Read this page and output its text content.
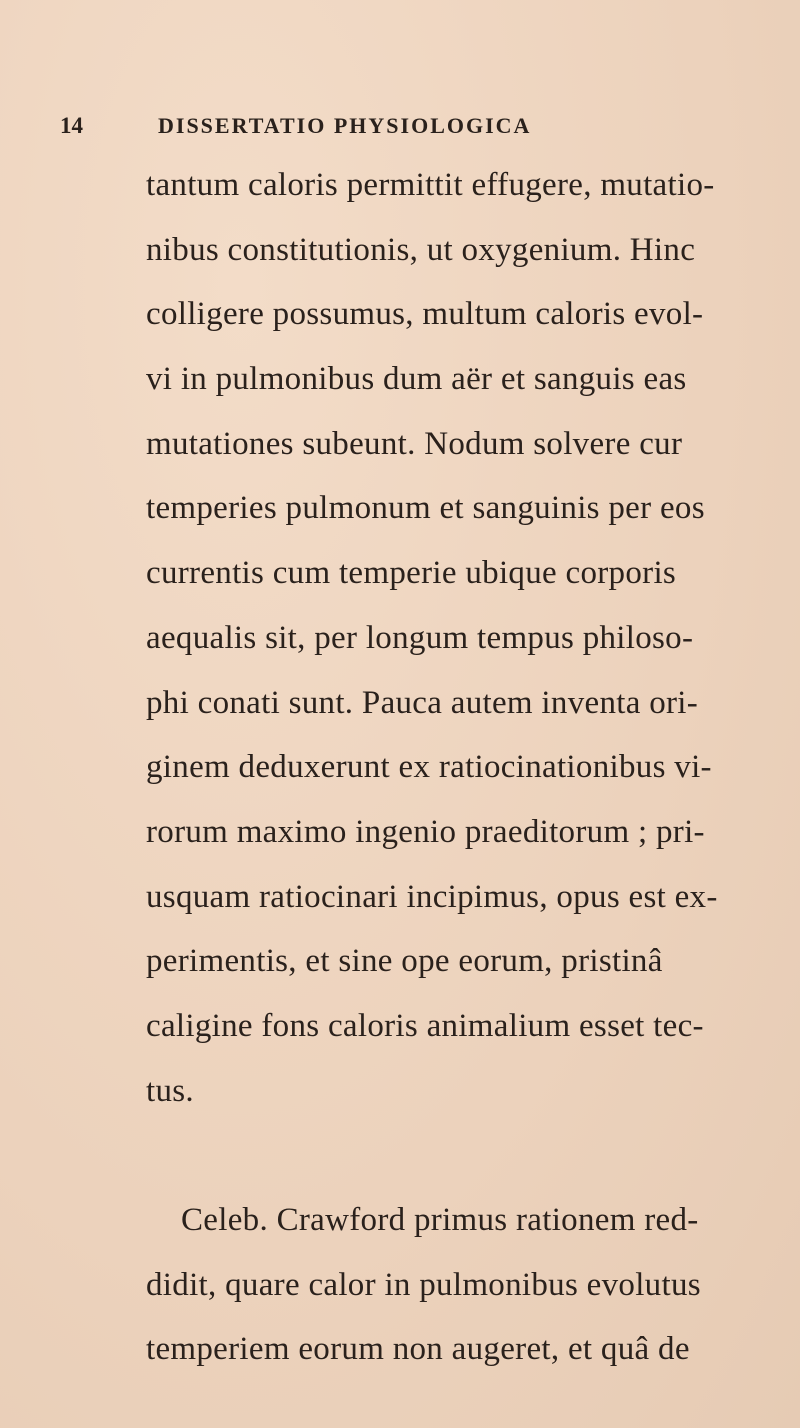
14	DISSERTATIO PHYSIOLOGICA
tantum caloris permittit effugere, mutatio-
nibus constitutionis, ut oxygenium. Hinc
colligere possumus, multum caloris evol-
vi in pulmonibus dum aër et sanguis eas
mutationes subeunt. Nodum solvere cur
temperies pulmonum et sanguinis per eos
currentis cum temperie ubique corporis
aequalis sit, per longum tempus philoso-
phi conati sunt. Pauca autem inventa ori-
ginem deduxerunt ex ratiocinationibus vi-
rorum maximo ingenio praeditorum ; pri-
usquam ratiocinari incipimus, opus est ex-
perimentis, et sine ope eorum, pristinâ
caligine fons caloris animalium esset tec-
tus.
Celeb. Crawford primus rationem red-
didit, quare calor in pulmonibus evolutus
temperiem eorum non augeret, et quâ de
